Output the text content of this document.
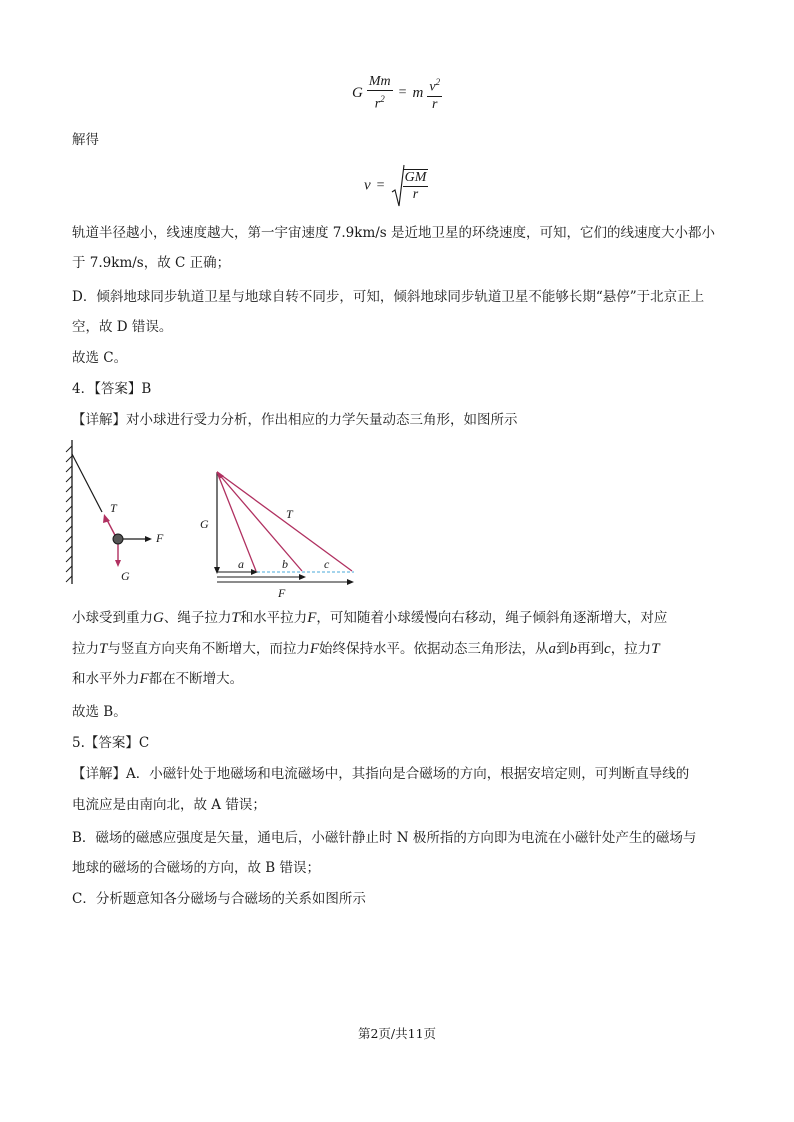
G $\frac{Mm}{r^2} = m \frac{v^2}{r}$
解得
$v = \frac{GM}{r}$
轨道半径越小，线速度越大，第一宇宙速度 7.9km/s 是近地卫星的环绕速度，可知，它们的线速度大小都小
于 7.9km/s，故 C 正确；
D．倾斜地球同步轨道卫星与地球自转不同步，可知，倾斜地球同步轨道卫星不能够长期“悬停”于北京正上
空，故 D 错误。
故选 C。
4．【答案】B
【详解】对小球进行受力分析，作出相应的力学矢量动态三角形，如图所示
T
F
G
G
T
a	b	c
F
小球受到重力G、绳子拉力T和水平拉力F，可知随着小球缓慢向右移动，绳子倾斜角逐渐增大，对应
拉力T与竖直方向夹角不断增大，而拉力F始终保持水平。依据动态三角形法，从a到b再到c，拉力T
和水平外力F都在不断增大。
故选 B。
5.【答案】C
【详解】A．小磁针处于地磁场和电流磁场中，其指向是合磁场的方向，根据安培定则，可判断直导线的
电流应是由南向北，故 A 错误；
B．磁场的磁感应强度是矢量，通电后，小磁针静止时 N 极所指的方向即为电流在小磁针处产生的磁场与
地球的磁场的合磁场的方向，故 B 错误；
C．分析题意知各分磁场与合磁场的关系如图所示
第2页/共11页
